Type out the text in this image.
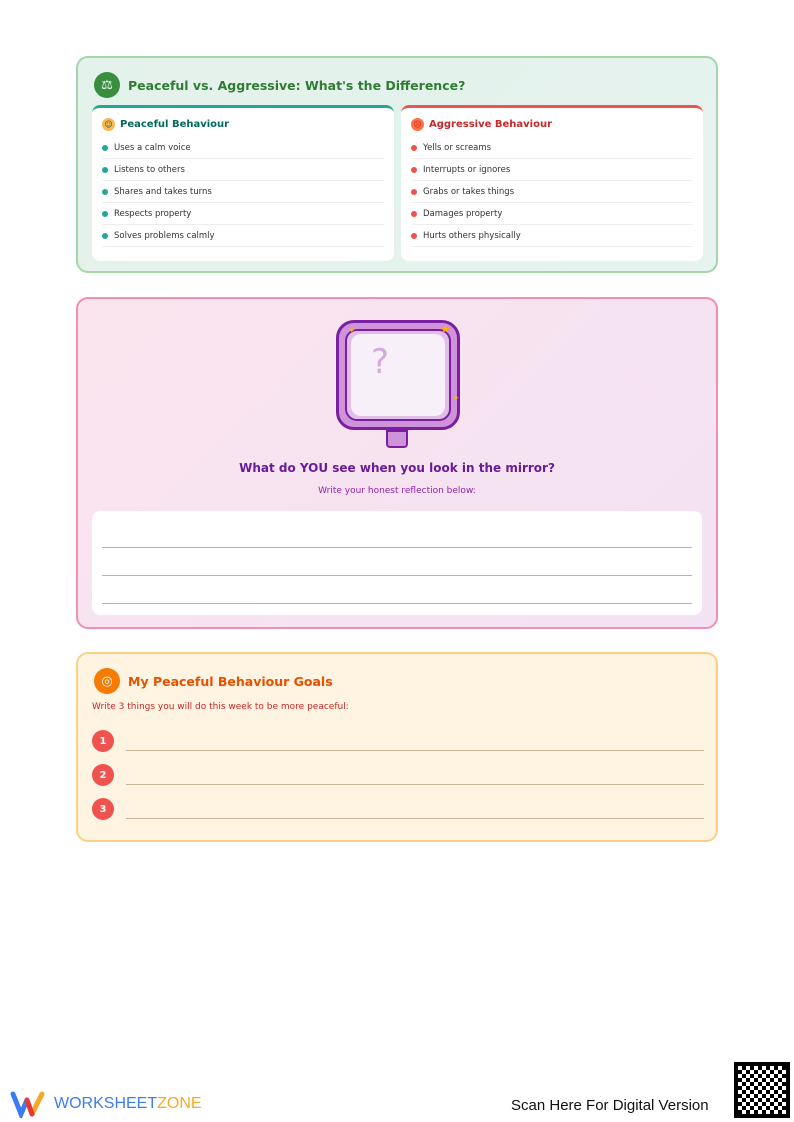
⚖	Peaceful vs. Aggressive: What's the Difference?
☺ Peaceful Behaviour
Uses a calm voice
Listens to others
Shares and takes turns
Respects property
Solves problems calmly
☹ Aggressive Behaviour
Yells or screams
Interrupts or ignores
Grabs or takes things
Damages property
Hurts others physically
?
★
✦
✦
What do YOU see when you look in the mirror?
Write your honest reflection below:
◎	My Peaceful Behaviour Goals
Write 3 things you will do this week to be more peaceful:
1
2
3
WORKSHEETZONE	Scan Here For Digital Version
